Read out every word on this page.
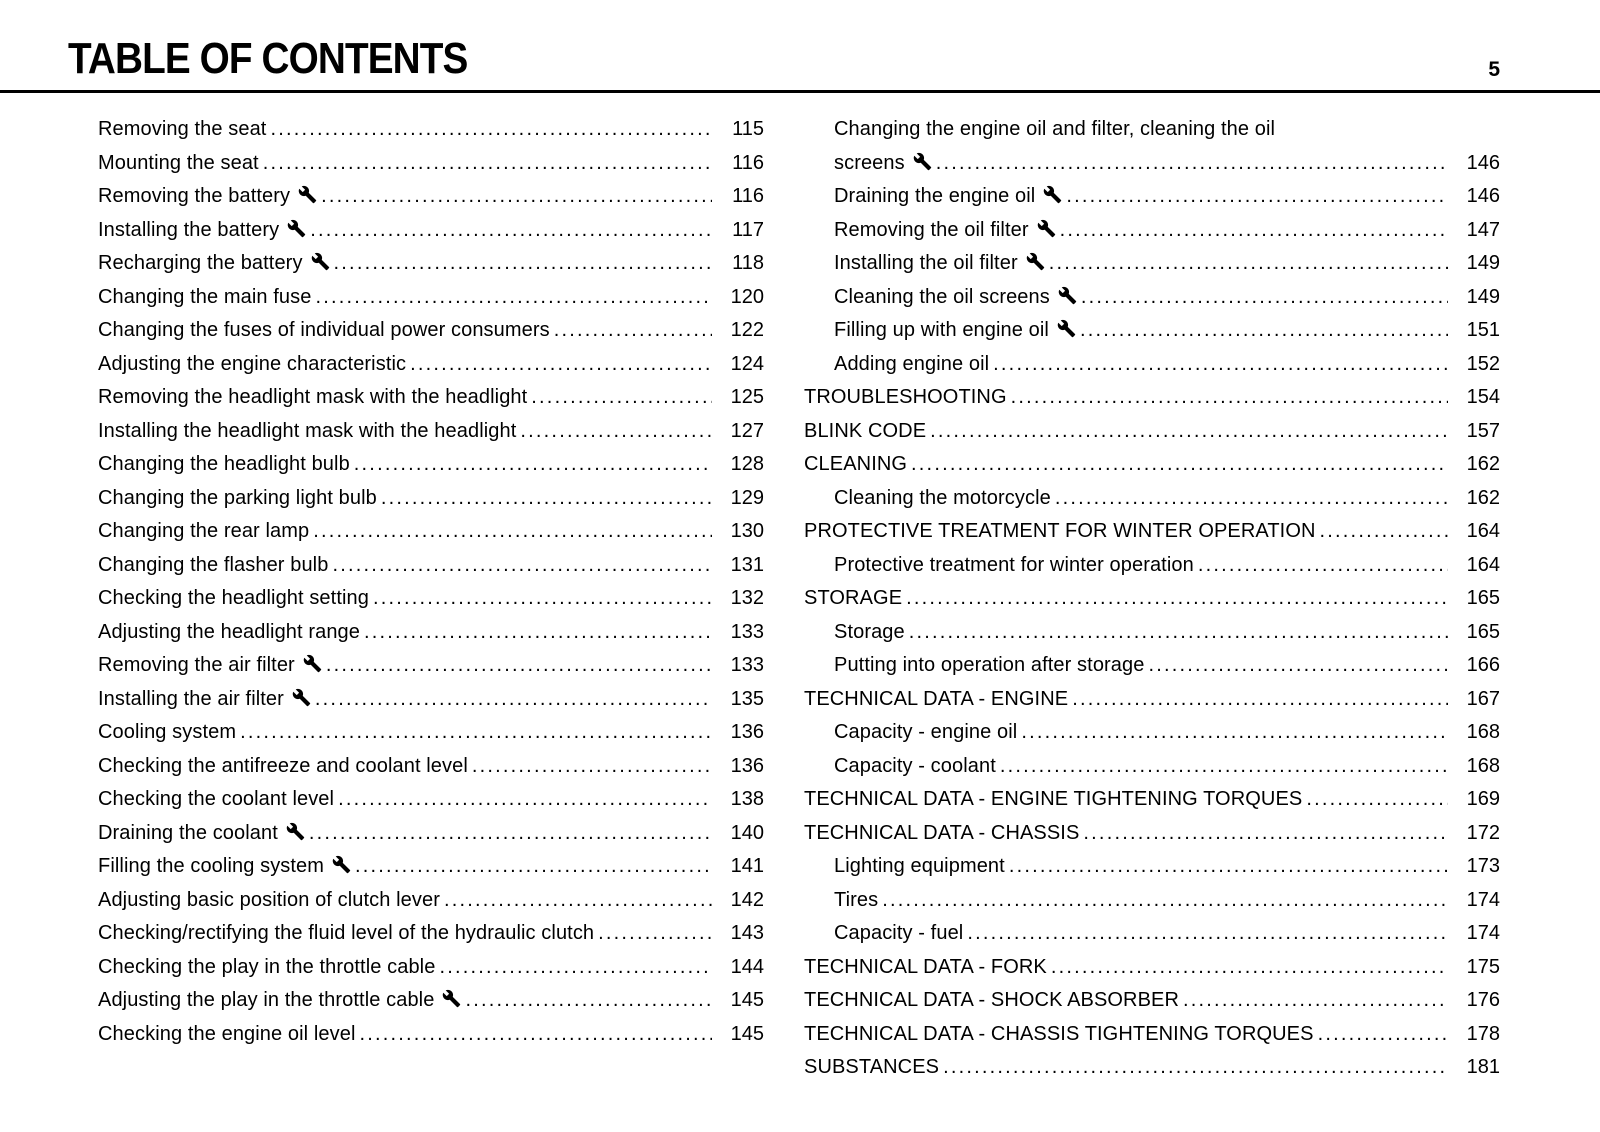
TABLE OF CONTENTS	5
Removing the seat .....	115
Mounting the seat .....	116
Removing the battery .....	116
Installing the battery .....	117
Recharging the battery .....	118
Changing the main fuse .....	120
Changing the fuses of individual power consumers .....	122
Adjusting the engine characteristic .....	124
Removing the headlight mask with the headlight .....	125
Installing the headlight mask with the headlight .....	127
Changing the headlight bulb .....	128
Changing the parking light bulb .....	129
Changing the rear lamp .....	130
Changing the flasher bulb .....	131
Checking the headlight setting .....	132
Adjusting the headlight range .....	133
Removing the air filter .....	133
Installing the air filter .....	135
Cooling system .....	136
Checking the antifreeze and coolant level .....	136
Checking the coolant level .....	138
Draining the coolant .....	140
Filling the cooling system .....	141
Adjusting basic position of clutch lever .....	142
Checking/rectifying the fluid level of the hydraulic clutch .....	143
Checking the play in the throttle cable .....	144
Adjusting the play in the throttle cable .....	145
Checking the engine oil level .....	145
Changing the engine oil and filter, cleaning the oil
screens .....	146
Draining the engine oil .....	146
Removing the oil filter .....	147
Installing the oil filter .....	149
Cleaning the oil screens .....	149
Filling up with engine oil .....	151
Adding engine oil .....	152
TROUBLESHOOTING .....	154
BLINK CODE .....	157
CLEANING .....	162
Cleaning the motorcycle .....	162
PROTECTIVE TREATMENT FOR WINTER OPERATION .....	164
Protective treatment for winter operation .....	164
STORAGE .....	165
Storage .....	165
Putting into operation after storage .....	166
TECHNICAL DATA - ENGINE .....	167
Capacity - engine oil .....	168
Capacity - coolant .....	168
TECHNICAL DATA - ENGINE TIGHTENING TORQUES .....	169
TECHNICAL DATA - CHASSIS .....	172
Lighting equipment .....	173
Tires .....	174
Capacity - fuel .....	174
TECHNICAL DATA - FORK .....	175
TECHNICAL DATA - SHOCK ABSORBER .....	176
TECHNICAL DATA - CHASSIS TIGHTENING TORQUES .....	178
SUBSTANCES .....	181
